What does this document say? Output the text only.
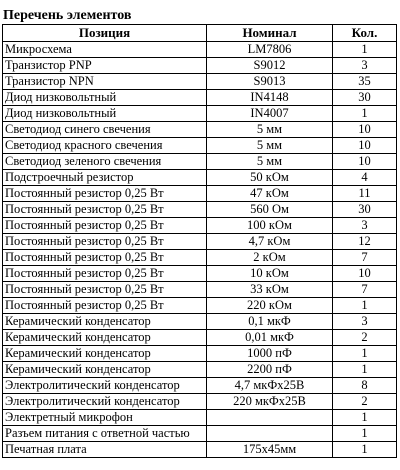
Перечень элементов
Позиция	Номинал	Кол.
Микросхема	LM7806	1
Транзистор PNP	S9012	3
Транзистор NPN	S9013	35
Диод низковольтный	IN4148	30
Диод низковольтный	IN4007	1
Светодиод синего свечения	5 мм	10
Светодиод красного свечения	5 мм	10
Светодиод зеленого свечения	5 мм	10
Подстроечный резистор	50 кОм	4
Постоянный резистор 0,25 Вт	47 кОм	11
Постоянный резистор 0,25 Вт	560 Ом	30
Постоянный резистор 0,25 Вт	100 кОм	3
Постоянный резистор 0,25 Вт	4,7 кОм	12
Постоянный резистор 0,25 Вт	2 кОм	7
Постоянный резистор 0,25 Вт	10 кОм	10
Постоянный резистор 0,25 Вт	33 кОм	7
Постоянный резистор 0,25 Вт	220 кОм	1
Керамический конденсатор	0,1 мкФ	3
Керамический конденсатор	0,01 мкФ	2
Керамический конденсатор	1000 пФ	1
Керамический конденсатор	2200 пФ	1
Электролитический конденсатор	4,7 мкФх25В	8
Электролитический конденсатор	220 мкФх25В	2
Электретный микрофон		1
Разъем питания с ответной частью		1
Печатная плата	175х45мм	1
